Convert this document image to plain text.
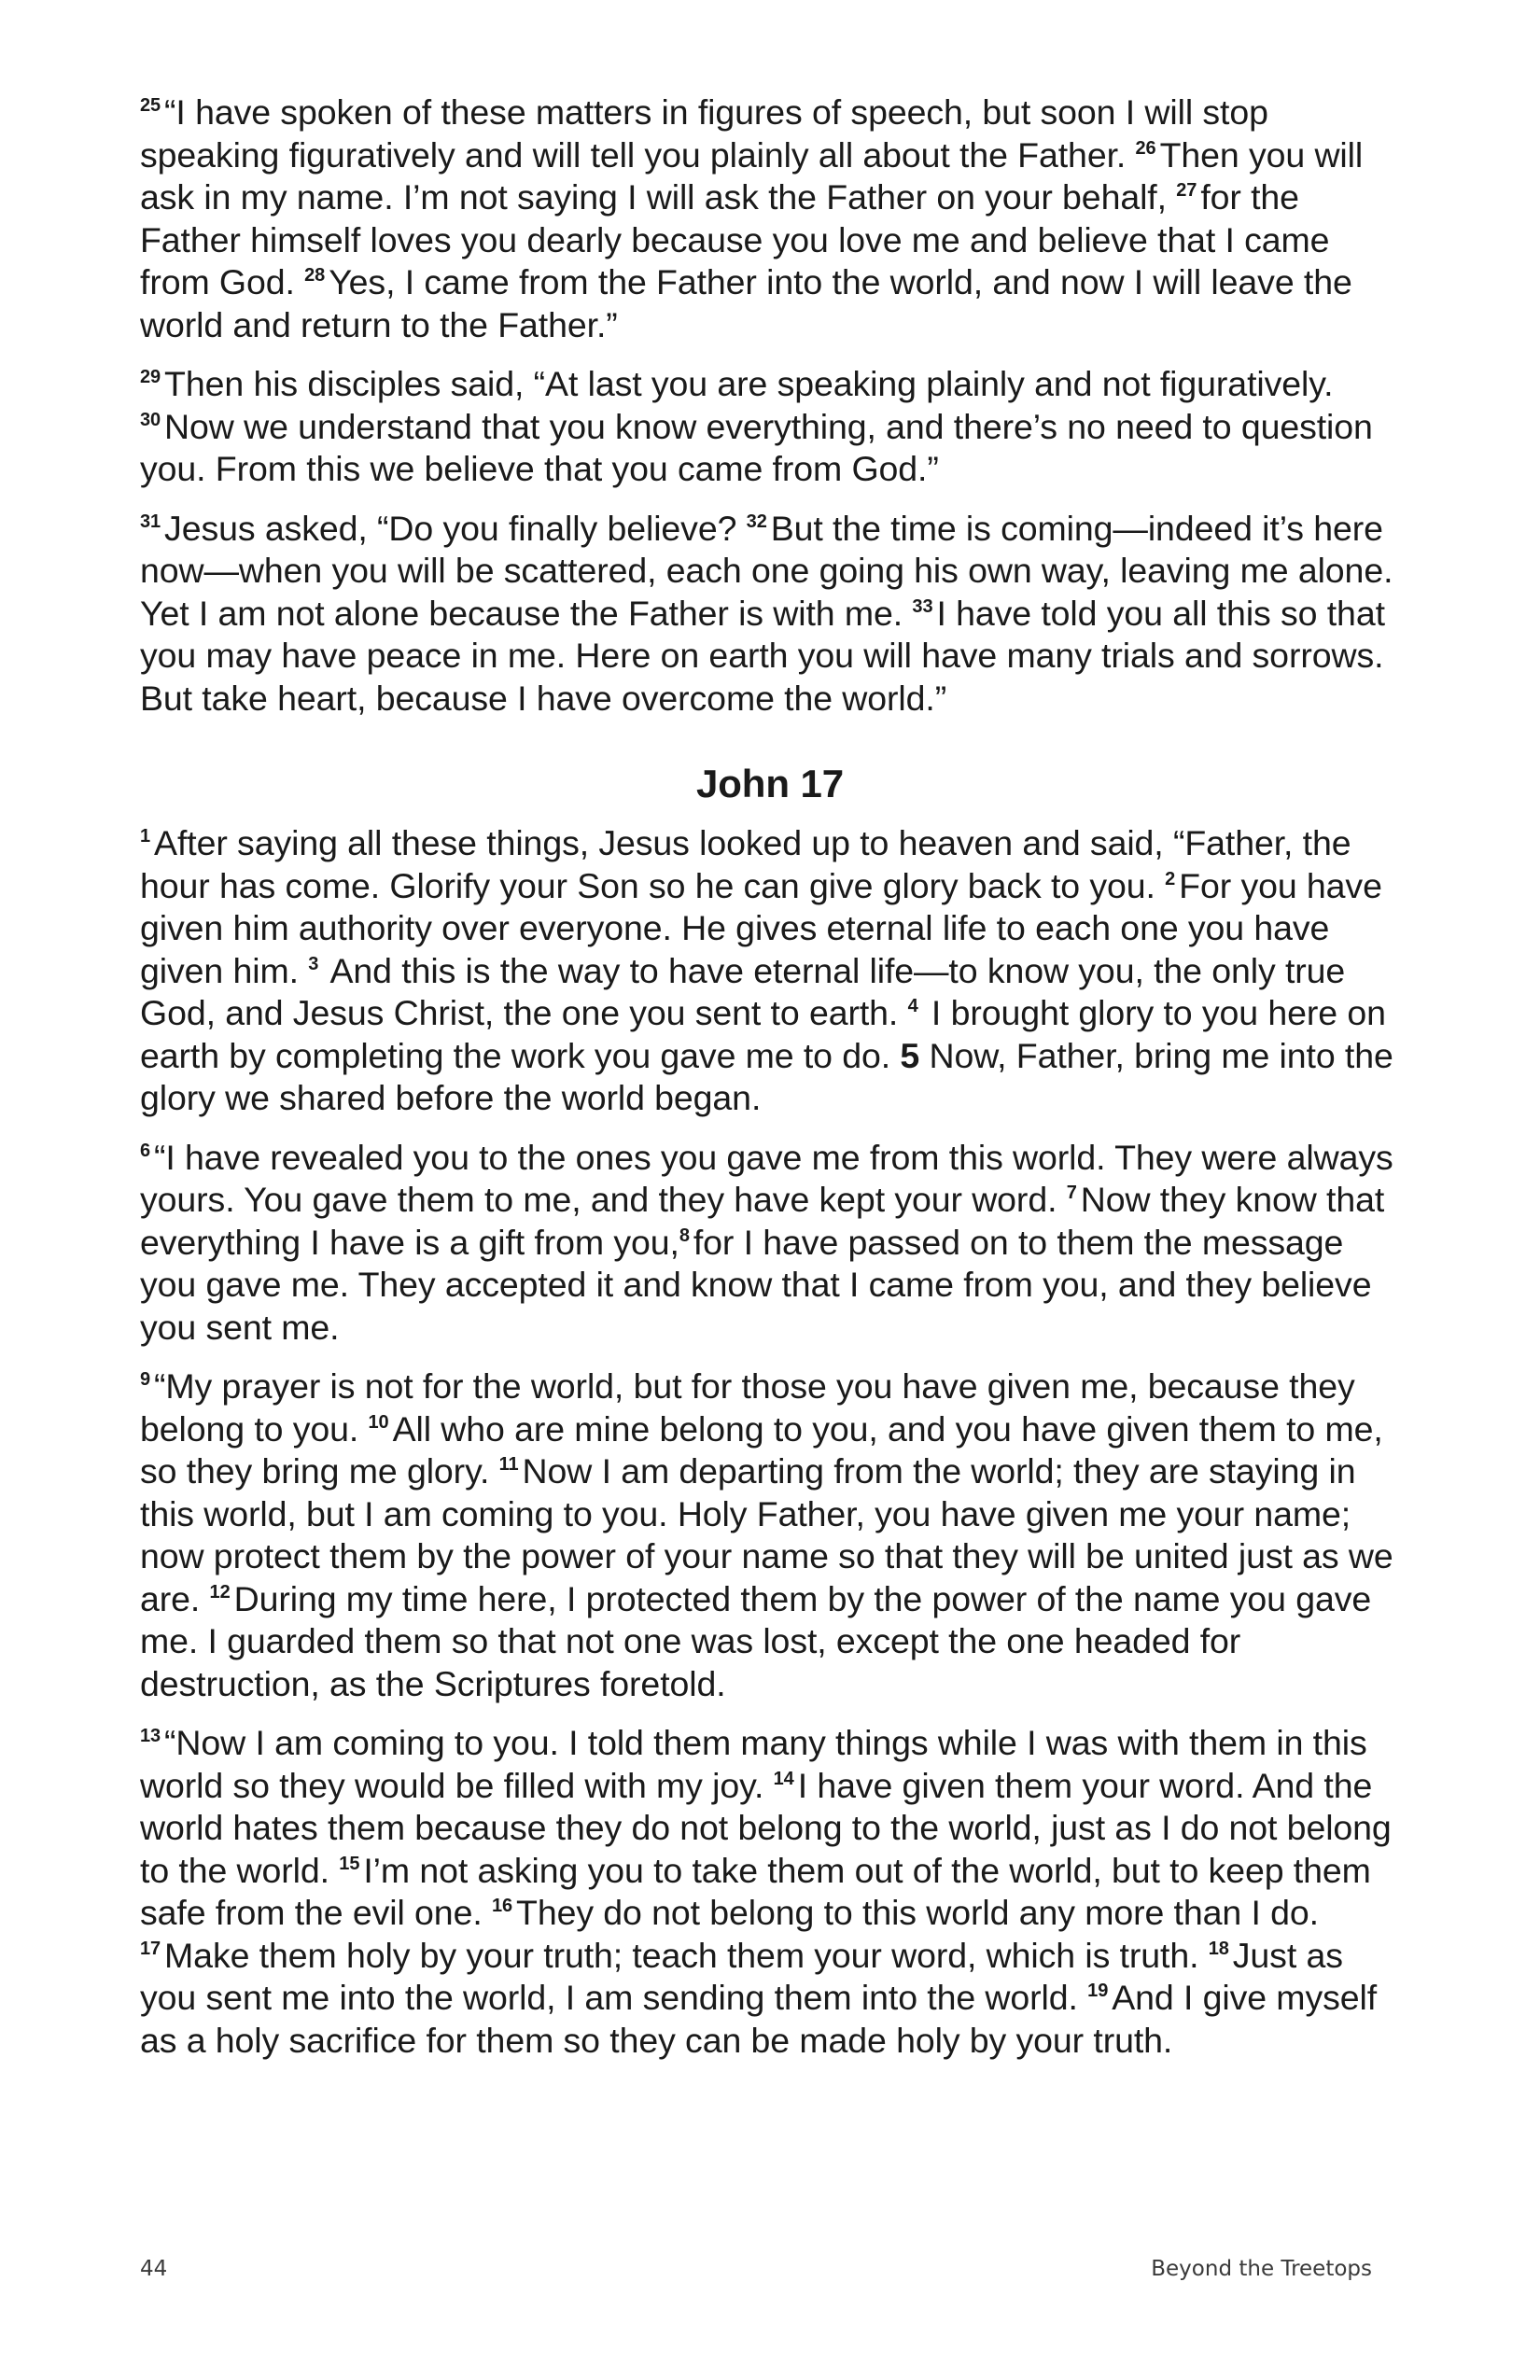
$^{25}$ “I have spoken of these matters in figures of speech, but soon I will stop speaking figuratively and will tell you plainly all about the Father. $^{26}$ Then you will ask in my name. I’m not saying I will ask the Father on your behalf, $^{27}$ for the Father himself loves you dearly because you love me and believe that I came from God. $^{28}$ Yes, I came from the Father into the world, and now I will leave the world and return to the Father.”

$^{29}$ Then his disciples said, “At last you are speaking plainly and not figuratively. $^{30}$ Now we understand that you know everything, and there’s no need to question you. From this we believe that you came from God.”

$^{31}$ Jesus asked, “Do you finally believe? $^{32}$ But the time is coming—indeed it’s here now—when you will be scattered, each one going his own way, leaving me alone. Yet I am not alone because the Father is with me. $^{33}$ I have told you all this so that you may have peace in me. Here on earth you will have many trials and sorrows. But take heart, because I have overcome the world.”

John 17

$^1$ After saying all these things, Jesus looked up to heaven and said, “Father, the hour has come. Glorify your Son so he can give glory back to you. $^2$ For you have given him authority over everyone. He gives eternal life to each one you have given him. $^3$ And this is the way to have eternal life—to know you, the only true God, and Jesus Christ, the one you sent to earth. $^4$ I brought glory to you here on earth by completing the work you gave me to do. 5 Now, Father, bring me into the glory we shared before the world began.

$^6$ “I have revealed you to the ones you gave me from this world. They were always yours. You gave them to me, and they have kept your word. $^7$ Now they know that everything I have is a gift from you,$^8$ for I have passed on to them the message you gave me. They accepted it and know that I came from you, and they believe you sent me.

$^9$ “My prayer is not for the world, but for those you have given me, because they belong to you. $^{10}$ All who are mine belong to you, and you have given them to me, so they bring me glory. $^{11}$ Now I am departing from the world; they are staying in this world, but I am coming to you. Holy Father, you have given me your name; now protect them by the power of your name so that they will be united just as we are. $^{12}$ During my time here, I protected them by the power of the name you gave me. I guarded them so that not one was lost, except the one headed for destruction, as the Scriptures foretold.

$^{13}$ “Now I am coming to you. I told them many things while I was with them in this world so they would be filled with my joy. $^{14}$ I have given them your word. And the world hates them because they do not belong to the world, just as I do not belong to the world. $^{15}$ I’m not asking you to take them out of the world, but to keep them safe from the evil one. $^{16}$ They do not belong to this world any more than I do. $^{17}$ Make them holy by your truth; teach them your word, which is truth. $^{18}$ Just as you sent me into the world, I am sending them into the world. $^{19}$ And I give myself as a holy sacrifice for them so they can be made holy by your truth.

44	Beyond the Treetops
